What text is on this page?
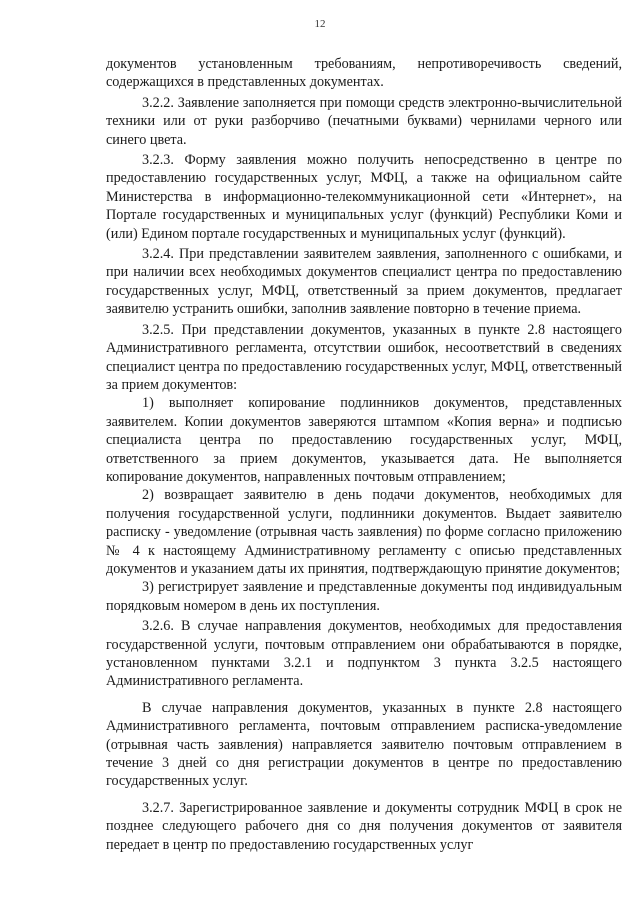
12

документов установленным требованиям, непротиворечивость сведений, содержащихся в представленных документах.

3.2.2. Заявление заполняется при помощи средств электронно-вычислительной техники или от руки разборчиво (печатными буквами) чернилами черного или синего цвета.

3.2.3. Форму заявления можно получить непосредственно в центре по предоставлению государственных услуг, МФЦ, а также на официальном сайте Министерства в информационно-телекоммуникационной сети «Интернет», на Портале государственных и муниципальных услуг (функций) Республики Коми и (или) Едином портале государственных и муниципальных услуг (функций).

3.2.4. При представлении заявителем заявления, заполненного с ошибками, и при наличии всех необходимых документов специалист центра по предоставлению государственных услуг, МФЦ, ответственный за прием документов, предлагает заявителю устранить ошибки, заполнив заявление повторно в течение приема.

3.2.5. При представлении документов, указанных в пункте 2.8 настоящего Административного регламента, отсутствии ошибок, несоответствий в сведениях специалист центра по предоставлению государственных услуг, МФЦ, ответственный за прием документов:

1) выполняет копирование подлинников документов, представленных заявителем. Копии документов заверяются штампом «Копия верна» и подписью специалиста центра по предоставлению государственных услуг, МФЦ, ответственного за прием документов, указывается дата. Не выполняется копирование документов, направленных почтовым отправлением;

2) возвращает заявителю в день подачи документов, необходимых для получения государственной услуги, подлинники документов. Выдает заявителю расписку - уведомление (отрывная часть заявления) по форме согласно приложению № 4 к настоящему Административному регламенту с описью представленных документов и указанием даты их принятия, подтверждающую принятие документов;

3) регистрирует заявление и представленные документы под индивидуальным порядковым номером в день их поступления.

3.2.6. В случае направления документов, необходимых для предоставления государственной услуги, почтовым отправлением они обрабатываются в порядке, установленном пунктами 3.2.1 и подпунктом 3 пункта 3.2.5 настоящего Административного регламента.

В случае направления документов, указанных в пункте 2.8 настоящего Административного регламента, почтовым отправлением расписка-уведомление (отрывная часть заявления) направляется заявителю почтовым отправлением в течение 3 дней со дня регистрации документов в центре по предоставлению государственных услуг.

3.2.7. Зарегистрированное заявление и документы сотрудник МФЦ в срок не позднее следующего рабочего дня со дня получения документов от заявителя передает в центр по предоставлению государственных услуг
